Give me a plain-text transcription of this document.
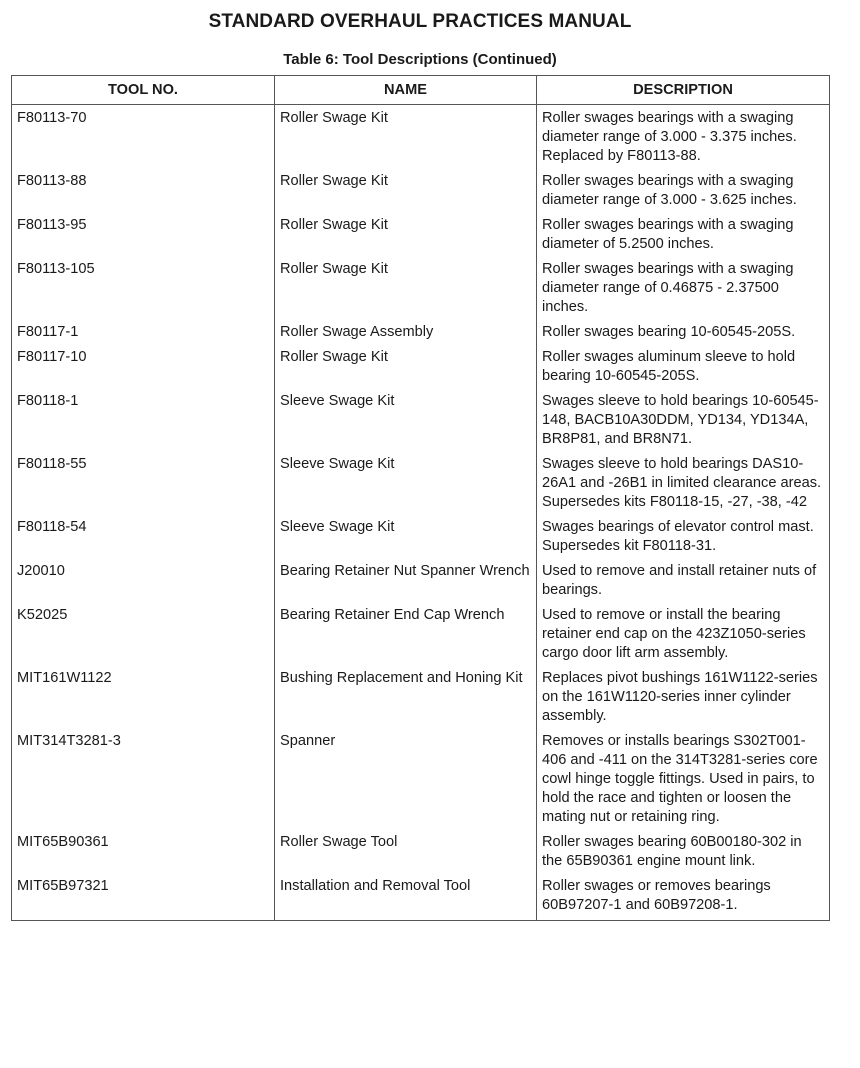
STANDARD OVERHAUL PRACTICES MANUAL
Table 6: Tool Descriptions (Continued)
TOOL NO.	NAME	DESCRIPTION
F80113-70	Roller Swage Kit	Roller swages bearings with a swaging diameter range of 3.000 - 3.375 inches. Replaced by F80113-88.
F80113-88	Roller Swage Kit	Roller swages bearings with a swaging diameter range of 3.000 - 3.625 inches.
F80113-95	Roller Swage Kit	Roller swages bearings with a swaging diameter of 5.2500 inches.
F80113-105	Roller Swage Kit	Roller swages bearings with a swaging diameter range of 0.46875 - 2.37500 inches.
F80117-1	Roller Swage Assembly	Roller swages bearing 10-60545-205S.
F80117-10	Roller Swage Kit	Roller swages aluminum sleeve to hold bearing 10-60545-205S.
F80118-1	Sleeve Swage Kit	Swages sleeve to hold bearings 10-60545-148, BACB10A30DDM, YD134, YD134A, BR8P81, and BR8N71.
F80118-55	Sleeve Swage Kit	Swages sleeve to hold bearings DAS10-26A1 and -26B1 in limited clearance areas. Supersedes kits F80118-15, -27, -38, -42
F80118-54	Sleeve Swage Kit	Swages bearings of elevator control mast. Supersedes kit F80118-31.
J20010	Bearing Retainer Nut Spanner Wrench	Used to remove and install retainer nuts of bearings.
K52025	Bearing Retainer End Cap Wrench	Used to remove or install the bearing retainer end cap on the 423Z1050-series cargo door lift arm assembly.
MIT161W1122	Bushing Replacement and Honing Kit	Replaces pivot bushings 161W1122-series on the 161W1120-series inner cylinder assembly.
MIT314T3281-3	Spanner	Removes or installs bearings S302T001-406 and -411 on the 314T3281-series core cowl hinge toggle fittings. Used in pairs, to hold the race and tighten or loosen the mating nut or retaining ring.
MIT65B90361	Roller Swage Tool	Roller swages bearing 60B00180-302 in the 65B90361 engine mount link.
MIT65B97321	Installation and Removal Tool	Roller swages or removes bearings 60B97207-1 and 60B97208-1.
